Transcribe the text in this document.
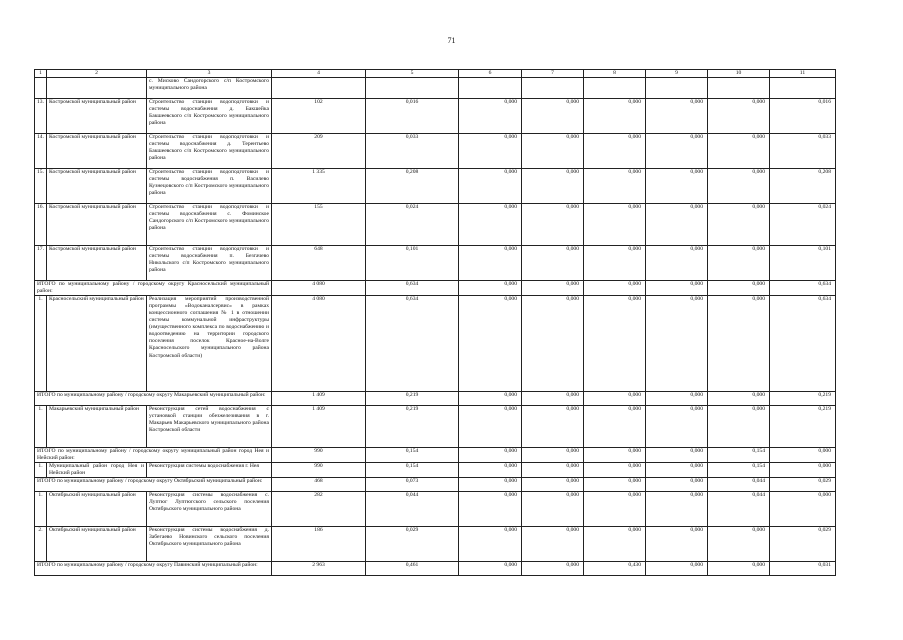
71
1	2	3	4	5	6	7	8	9	10	11
		с. Мисково Сандогорского с/п Костромского муниципального района								
13.	Костромской муниципальный район	Строительство станции водоподготовки и системы водоснабжения д. Бакшейка Бакшеевского с/п Костромского муниципального района	102	0,016	0,000	0,000	0,000	0,000	0,000	0,016
14.	Костромской муниципальный район	Строительство станции водоподготовки и системы водоснабжения д. Терентьево Бакшеевского с/п Костромского муниципального района	209	0,033	0,000	0,000	0,000	0,000	0,000	0,033
15.	Костромской муниципальный район	Строительство станции водоподготовки и системы водоснабжения п. Василево Кузнецовского с/п Костромского муниципального района	1 335	0,208	0,000	0,000	0,000	0,000	0,000	0,208
16.	Костромской муниципальный район	Строительство станции водоподготовки и системы водоснабжения с. Фоминское Сандогорского с/п Костромского муниципального района	155	0,024	0,000	0,000	0,000	0,000	0,000	0,024
17.	Костромской муниципальный район	Строительство станции водоподготовки и системы водоснабжения п. Безгачево Никольского с/п Костромского муниципального района	648	0,101	0,000	0,000	0,000	0,000	0,000	0,101
ИТОГО по муниципальному району / городскому округу Красносельский муниципальный район:			4 080	0,634	0,000	0,000	0,000	0,000	0,000	0,634
1.	Красносельский муниципальный район	Реализация мероприятий производственной программы «Водоканалсервис» в рамках концессионного соглашения № 1 в отношении системы коммунальной инфраструктуры (имущественного комплекса по водоснабжению и водоотведению на территории городского поселения поселок Красное-на-Волге Красносельского муниципального района Костромской области)	4 080	0,634	0,000	0,000	0,000	0,000	0,000	0,634
ИТОГО по муниципальному району / городскому округу Макарьевский муниципальный район:			1 409	0,219	0,000	0,000	0,000	0,000	0,000	0,219
1.	Макарьевский муниципальный район	Реконструкция сетей водоснабжения с установкой станции обезжелезивания в г. Макарьев Макарьевского муниципального района Костромской области	1 409	0,219	0,000	0,000	0,000	0,000	0,000	0,219
ИТОГО по муниципальному району / городскому округу муниципальный район город Нея и Нейский район:			990	0,154	0,000	0,000	0,000	0,000	0,154	0,000
1.	Муниципальный район город Нея и Нейский район	Реконструкция системы водоснабжения г. Нея	990	0,154	0,000	0,000	0,000	0,000	0,154	0,000
ИТОГО по муниципальному району / городскому округу Октябрьский муниципальный район:			468	0,073	0,000	0,000	0,000	0,000	0,044	0,029
1.	Октябрьский муниципальный район	Реконструкция системы водоснабжения с. Луптюг Луптюгского сельского поселения Октябрьского муниципального района	282	0,044	0,000	0,000	0,000	0,000	0,044	0,000
2.	Октябрьский муниципальный район	Реконструкция системы водоснабжения д. Забегаево Новинского сельского поселения Октябрьского муниципального района	186	0,029	0,000	0,000	0,000	0,000	0,000	0,029
ИТОГО по муниципальному району / городскому округу Павинский муниципальный район:			2 963	0,461	0,000	0,000	0,430	0,000	0,000	0,031
